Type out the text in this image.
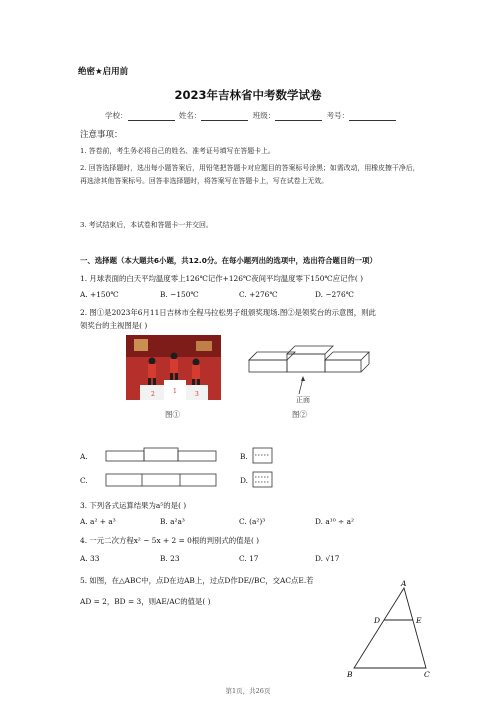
绝密★启用前
2023年吉林省中考数学试卷
学校：	姓名：	班级：	考号：
注意事项：
1. 答卷前，考生务必将自己的姓名、准考证号填写在答题卡上。
2. 回答选择题时，选出每小题答案后，用铅笔把答题卡对应题目的答案标号涂黑；如需改动，用橡皮擦干净后，再选涂其他答案标号。回答非选择题时，将答案写在答题卡上，写在试卷上无效。
3. 考试结束后，本试卷和答题卡一并交回。
一、选择题（本大题共6小题，共12.0分。在每小题列出的选项中，选出符合题目的一项）
1. 月球表面的白天平均温度零上126℃记作+126℃夜间平均温度零下150℃应记作( )
A. +150℃	B. −150℃	C. +276℃	D. −276℃
2. 图①是2023年6月11日吉林市全程马拉松男子组颁奖现场.图②是领奖台的示意图，则此
领奖台的主视图是( )
2	1	3
图①
正面
图②
A.	B.
C.	D.
3. 下列各式运算结果为a⁵的是( )
A. a² + a³	B. a²a³	C. (a²)³	D. a¹⁰ ÷ a²
4. 一元二次方程x² − 5x + 2 = 0根的判别式的值是( )
A. 33	B. 23	C. 17	D. √17
5. 如图，在△ABC中，点D在边AB上，过点D作DE//BC，交AC点E.若
AD = 2，BD = 3，则AE/AC的值是( )
A
B	C
D	E
第1页，共26页
